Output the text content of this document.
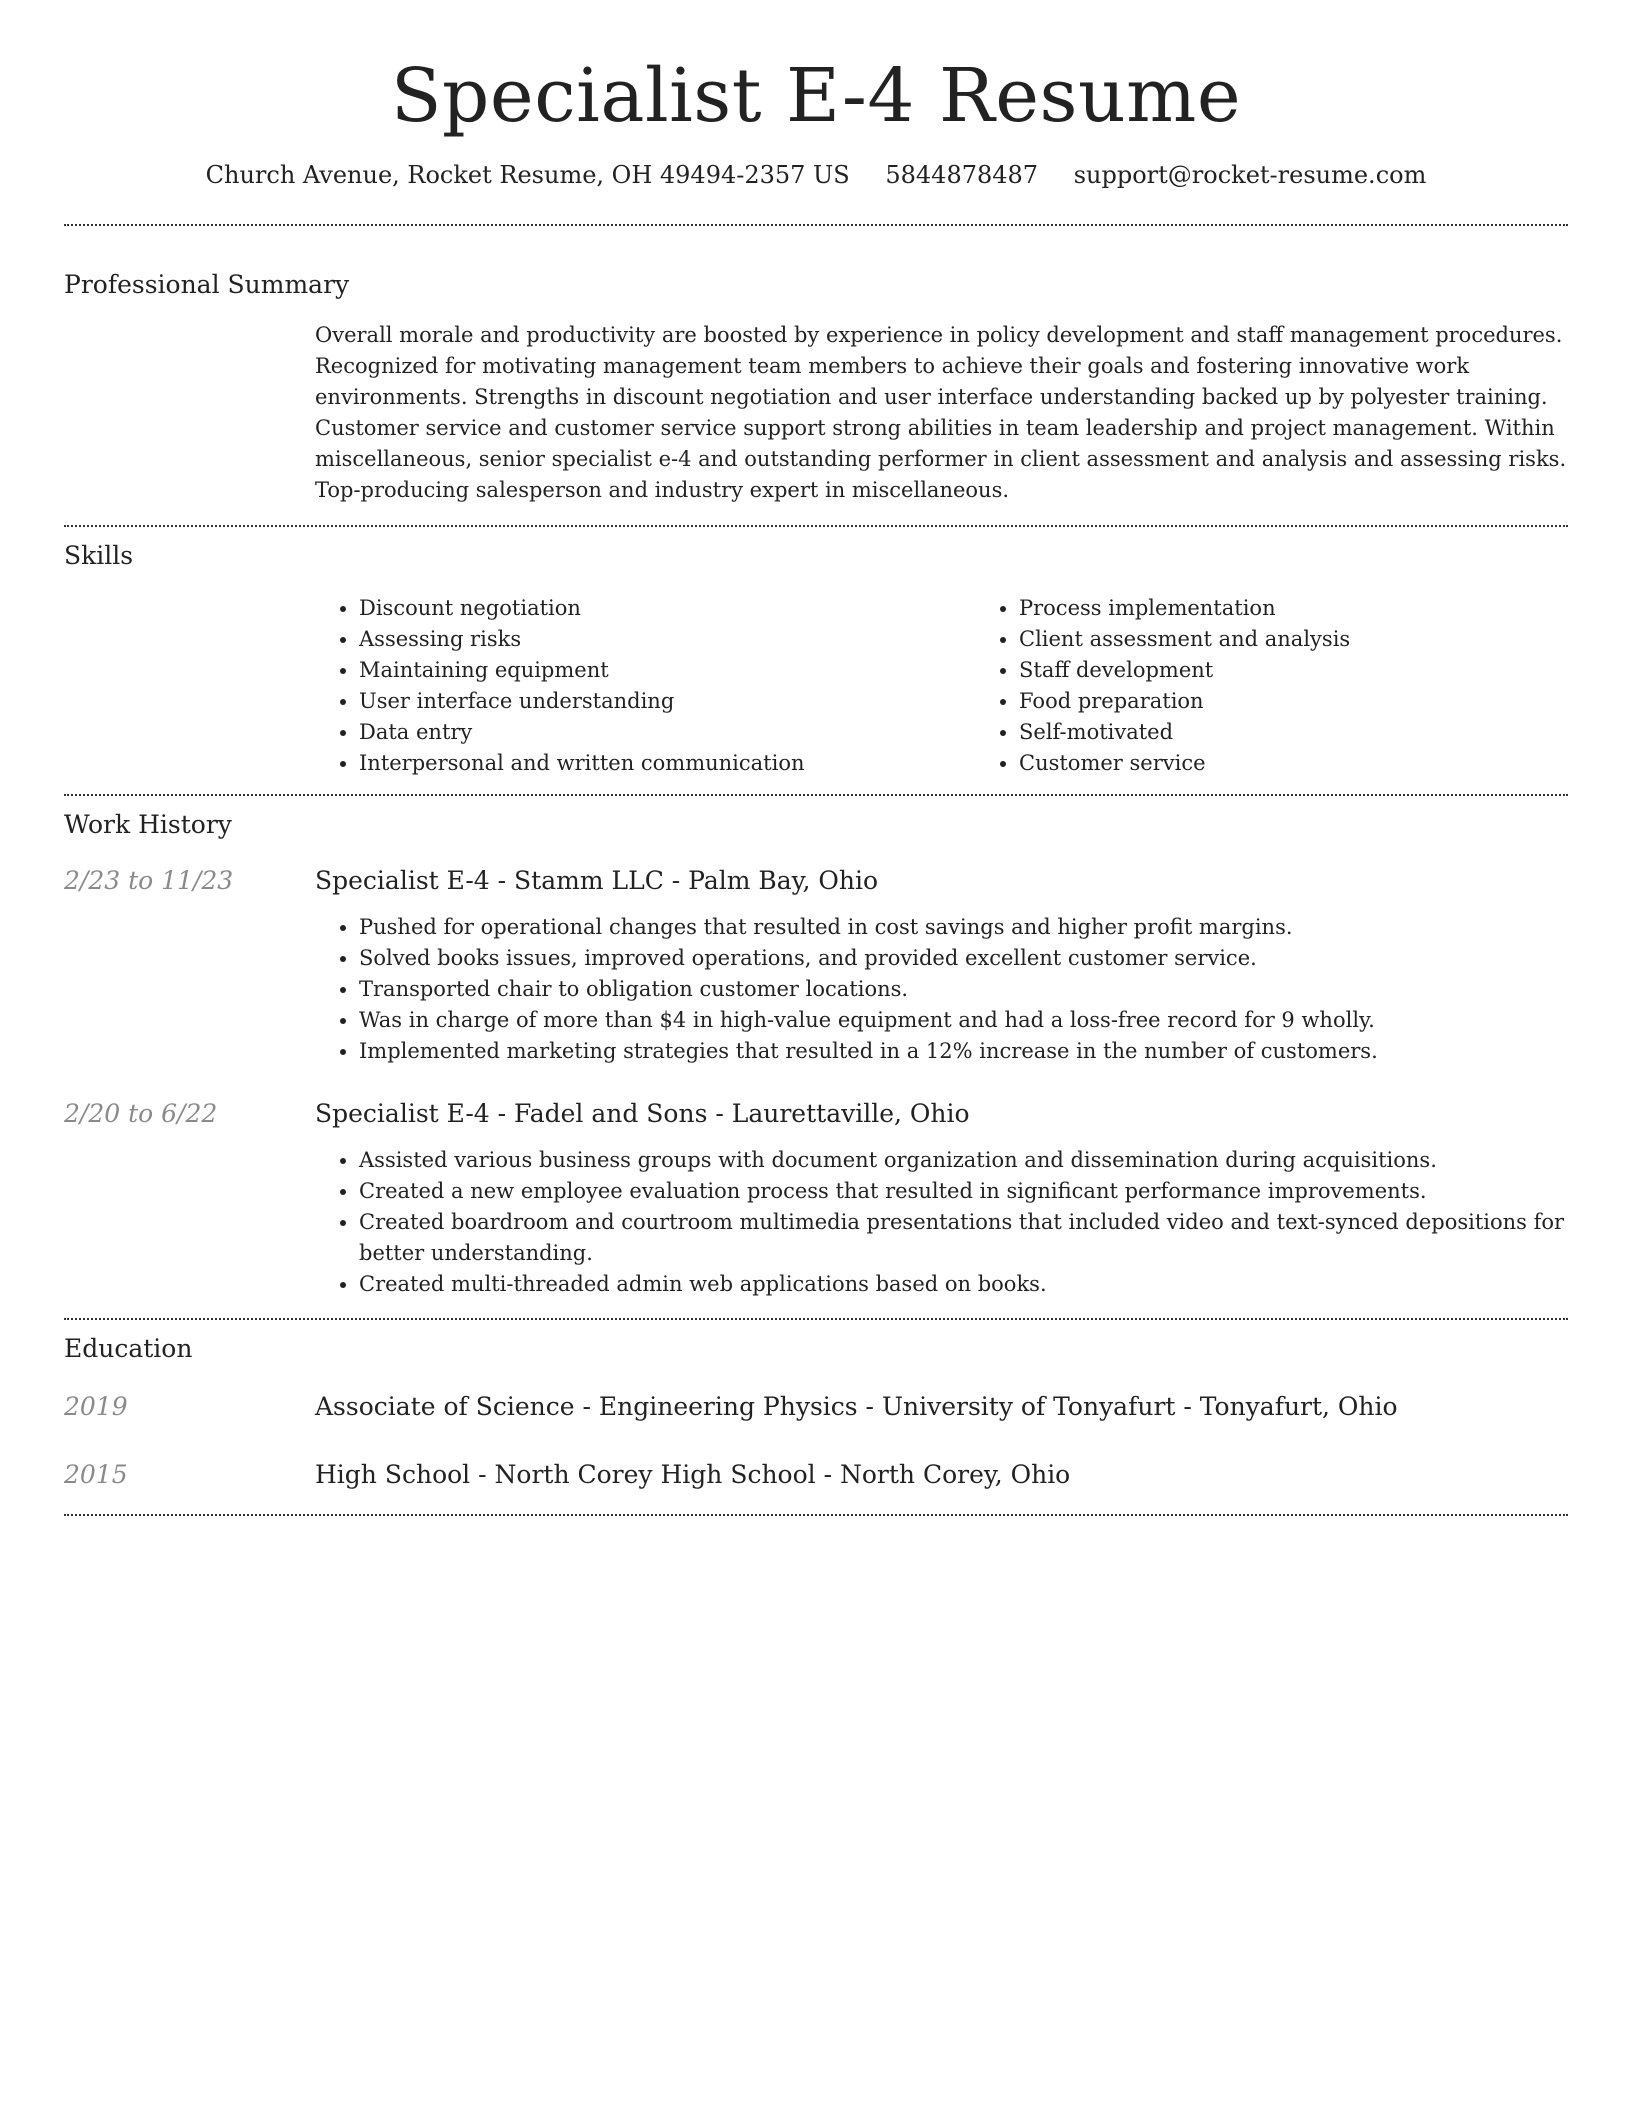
Specialist E-4 Resume
Church Avenue, Rocket Resume, OH 49494-2357 US 5844878487 support@rocket-resume.com
Professional Summary

Overall morale and productivity are boosted by experience in policy development and staff management procedures. Recognized for motivating management team members to achieve their goals and fostering innovative work environments. Strengths in discount negotiation and user interface understanding backed up by polyester training. Customer service and customer service support strong abilities in team leadership and project management. Within miscellaneous, senior specialist e-4 and outstanding performer in client assessment and analysis and assessing risks. Top-producing salesperson and industry expert in miscellaneous.

Skills
• Discount negotiation
• Assessing risks
• Maintaining equipment
• User interface understanding
• Data entry
• Interpersonal and written communication
• Process implementation
• Client assessment and analysis
• Staff development
• Food preparation
• Self-motivated
• Customer service
Work History
2/23 to 11/23	Specialist E-4 - Stamm LLC - Palm Bay, Ohio
• Pushed for operational changes that resulted in cost savings and higher profit margins.
• Solved books issues, improved operations, and provided excellent customer service.
• Transported chair to obligation customer locations.
• Was in charge of more than $4 in high-value equipment and had a loss-free record for 9 wholly.
• Implemented marketing strategies that resulted in a 12% increase in the number of customers.
2/20 to 6/22	Specialist E-4 - Fadel and Sons - Laurettaville, Ohio
• Assisted various business groups with document organization and dissemination during acquisitions.
• Created a new employee evaluation process that resulted in significant performance improvements.
• Created boardroom and courtroom multimedia presentations that included video and text-synced depositions for better understanding.
• Created multi-threaded admin web applications based on books.
Education
2019	Associate of Science - Engineering Physics - University of Tonyafurt - Tonyafurt, Ohio
2015	High School - North Corey High School - North Corey, Ohio
